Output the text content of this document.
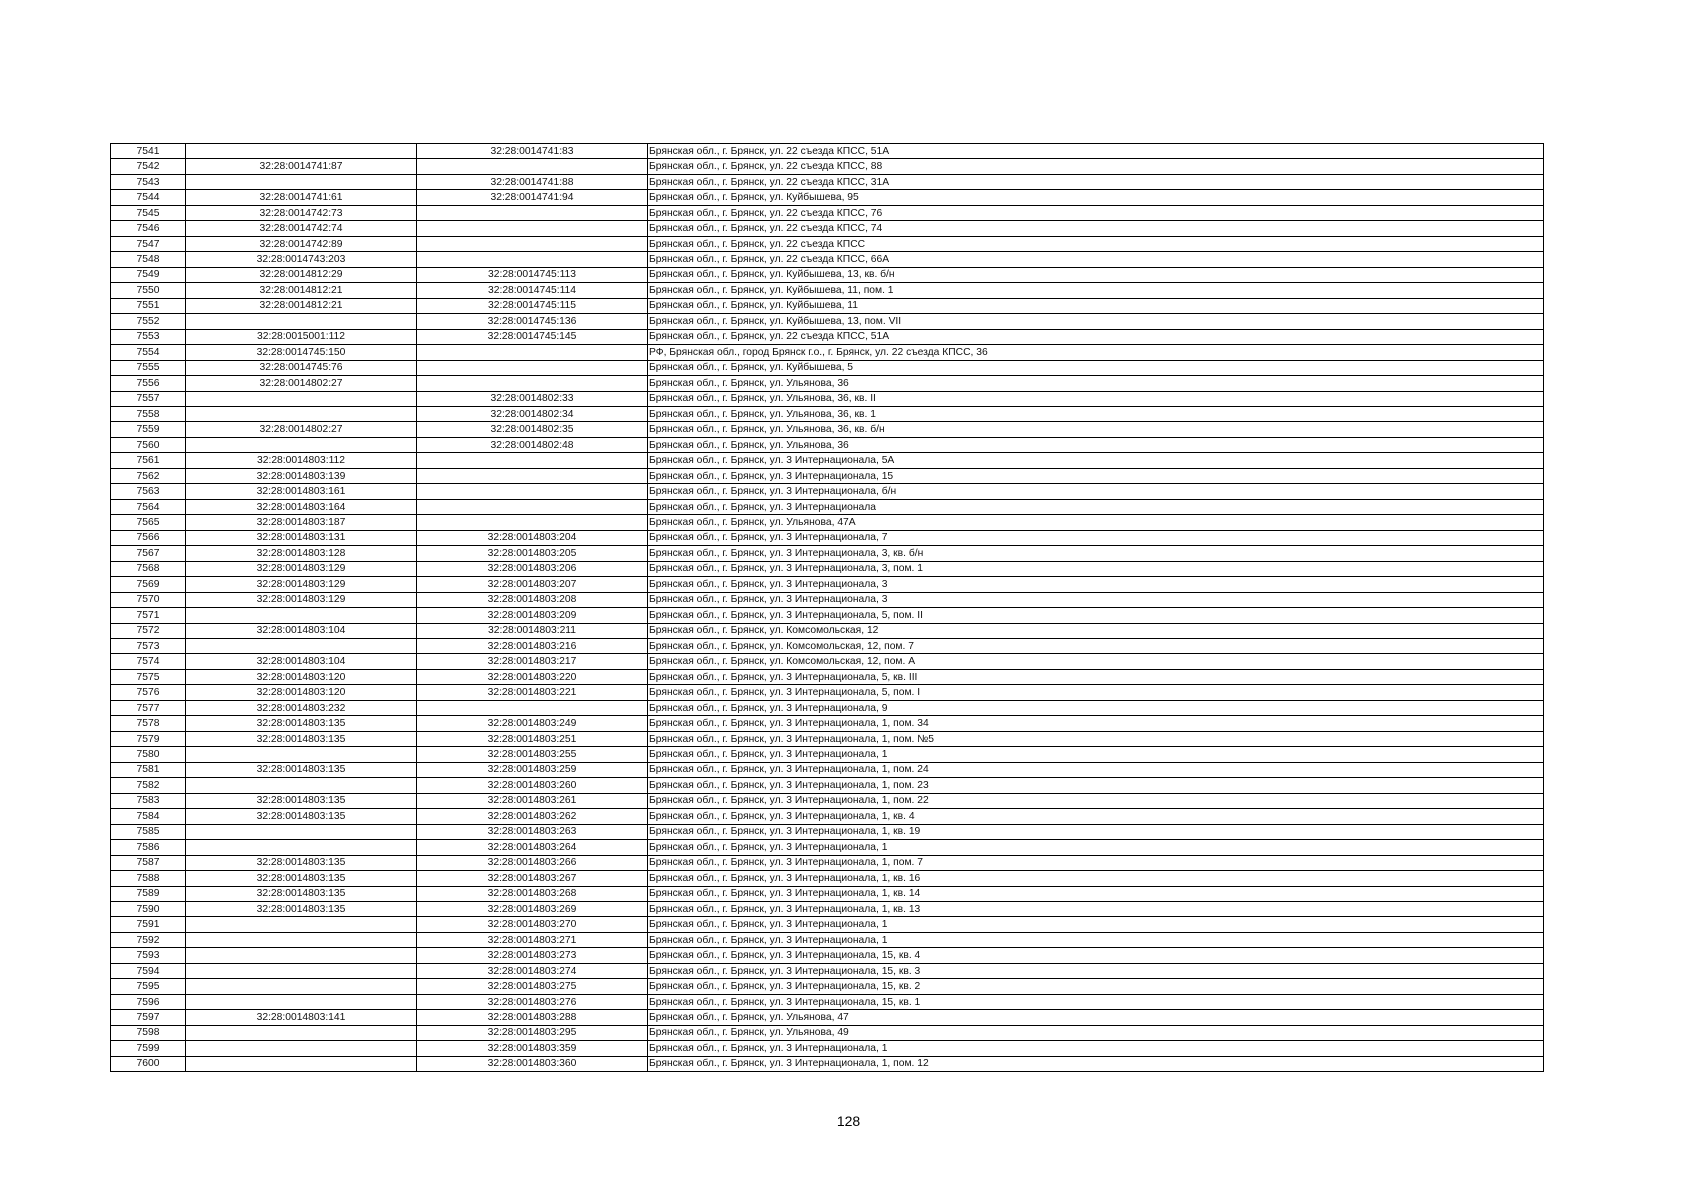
7541		32:28:0014741:83	Брянская обл., г. Брянск, ул. 22 съезда КПСС, 51А
7542	32:28:0014741:87		Брянская обл., г. Брянск, ул. 22 съезда КПСС, 88
7543		32:28:0014741:88	Брянская обл., г. Брянск, ул. 22 съезда КПСС, 31А
7544	32:28:0014741:61	32:28:0014741:94	Брянская обл., г. Брянск, ул. Куйбышева, 95
7545	32:28:0014742:73		Брянская обл., г. Брянск, ул. 22 съезда КПСС, 76
7546	32:28:0014742:74		Брянская обл., г. Брянск, ул. 22 съезда КПСС, 74
7547	32:28:0014742:89		Брянская обл., г. Брянск, ул. 22 съезда КПСС
7548	32:28:0014743:203		Брянская обл., г. Брянск, ул. 22 съезда КПСС, 66А
7549	32:28:0014812:29	32:28:0014745:113	Брянская обл., г. Брянск, ул. Куйбышева, 13, кв. б/н
7550	32:28:0014812:21	32:28:0014745:114	Брянская обл., г. Брянск, ул. Куйбышева, 11, пом. 1
7551	32:28:0014812:21	32:28:0014745:115	Брянская обл., г. Брянск, ул. Куйбышева, 11
7552		32:28:0014745:136	Брянская обл., г. Брянск, ул. Куйбышева, 13, пом. VII
7553	32:28:0015001:112	32:28:0014745:145	Брянская обл., г. Брянск, ул. 22 съезда КПСС, 51А
7554	32:28:0014745:150		РФ, Брянская обл., город Брянск г.о., г. Брянск, ул. 22 съезда КПСС, 36
7555	32:28:0014745:76		Брянская обл., г. Брянск, ул. Куйбышева, 5
7556	32:28:0014802:27		Брянская обл., г. Брянск, ул. Ульянова, 36
7557		32:28:0014802:33	Брянская обл., г. Брянск, ул. Ульянова, 36, кв. II
7558		32:28:0014802:34	Брянская обл., г. Брянск, ул. Ульянова, 36, кв. 1
7559	32:28:0014802:27	32:28:0014802:35	Брянская обл., г. Брянск, ул. Ульянова, 36, кв. б/н
7560		32:28:0014802:48	Брянская обл., г. Брянск, ул. Ульянова, 36
7561	32:28:0014803:112		Брянская обл., г. Брянск, ул. 3 Интернационала, 5А
7562	32:28:0014803:139		Брянская обл., г. Брянск, ул. 3 Интернационала, 15
7563	32:28:0014803:161		Брянская обл., г. Брянск, ул. 3 Интернационала, б/н
7564	32:28:0014803:164		Брянская обл., г. Брянск, ул. 3 Интернационала
7565	32:28:0014803:187		Брянская обл., г. Брянск, ул. Ульянова, 47А
7566	32:28:0014803:131	32:28:0014803:204	Брянская обл., г. Брянск, ул. 3 Интернационала, 7
7567	32:28:0014803:128	32:28:0014803:205	Брянская обл., г. Брянск, ул. 3 Интернационала, 3, кв. б/н
7568	32:28:0014803:129	32:28:0014803:206	Брянская обл., г. Брянск, ул. 3 Интернационала, 3, пом. 1
7569	32:28:0014803:129	32:28:0014803:207	Брянская обл., г. Брянск, ул. 3 Интернационала, 3
7570	32:28:0014803:129	32:28:0014803:208	Брянская обл., г. Брянск, ул. 3 Интернационала, 3
7571		32:28:0014803:209	Брянская обл., г. Брянск, ул. 3 Интернационала, 5, пом. II
7572	32:28:0014803:104	32:28:0014803:211	Брянская обл., г. Брянск, ул. Комсомольская, 12
7573		32:28:0014803:216	Брянская обл., г. Брянск, ул. Комсомольская, 12, пом. 7
7574	32:28:0014803:104	32:28:0014803:217	Брянская обл., г. Брянск, ул. Комсомольская, 12, пом. А
7575	32:28:0014803:120	32:28:0014803:220	Брянская обл., г. Брянск, ул. 3 Интернационала, 5, кв. III
7576	32:28:0014803:120	32:28:0014803:221	Брянская обл., г. Брянск, ул. 3 Интернационала, 5, пом. I
7577	32:28:0014803:232		Брянская обл., г. Брянск, ул. 3 Интернационала, 9
7578	32:28:0014803:135	32:28:0014803:249	Брянская обл., г. Брянск, ул. 3 Интернационала, 1, пом. 34
7579	32:28:0014803:135	32:28:0014803:251	Брянская обл., г. Брянск, ул. 3 Интернационала, 1, пом. №5
7580		32:28:0014803:255	Брянская обл., г. Брянск, ул. 3 Интернационала, 1
7581	32:28:0014803:135	32:28:0014803:259	Брянская обл., г. Брянск, ул. 3 Интернационала, 1, пом. 24
7582		32:28:0014803:260	Брянская обл., г. Брянск, ул. 3 Интернационала, 1, пом. 23
7583	32:28:0014803:135	32:28:0014803:261	Брянская обл., г. Брянск, ул. 3 Интернационала, 1, пом. 22
7584	32:28:0014803:135	32:28:0014803:262	Брянская обл., г. Брянск, ул. 3 Интернационала, 1, кв. 4
7585		32:28:0014803:263	Брянская обл., г. Брянск, ул. 3 Интернационала, 1, кв. 19
7586		32:28:0014803:264	Брянская обл., г. Брянск, ул. 3 Интернационала, 1
7587	32:28:0014803:135	32:28:0014803:266	Брянская обл., г. Брянск, ул. 3 Интернационала, 1, пом. 7
7588	32:28:0014803:135	32:28:0014803:267	Брянская обл., г. Брянск, ул. 3 Интернационала, 1, кв. 16
7589	32:28:0014803:135	32:28:0014803:268	Брянская обл., г. Брянск, ул. 3 Интернационала, 1, кв. 14
7590	32:28:0014803:135	32:28:0014803:269	Брянская обл., г. Брянск, ул. 3 Интернационала, 1, кв. 13
7591		32:28:0014803:270	Брянская обл., г. Брянск, ул. 3 Интернационала, 1
7592		32:28:0014803:271	Брянская обл., г. Брянск, ул. 3 Интернационала, 1
7593		32:28:0014803:273	Брянская обл., г. Брянск, ул. 3 Интернационала, 15, кв. 4
7594		32:28:0014803:274	Брянская обл., г. Брянск, ул. 3 Интернационала, 15, кв. 3
7595		32:28:0014803:275	Брянская обл., г. Брянск, ул. 3 Интернационала, 15, кв. 2
7596		32:28:0014803:276	Брянская обл., г. Брянск, ул. 3 Интернационала, 15, кв. 1
7597	32:28:0014803:141	32:28:0014803:288	Брянская обл., г. Брянск, ул. Ульянова, 47
7598		32:28:0014803:295	Брянская обл., г. Брянск, ул. Ульянова, 49
7599		32:28:0014803:359	Брянская обл., г. Брянск, ул. 3 Интернационала, 1
7600		32:28:0014803:360	Брянская обл., г. Брянск, ул. 3 Интернационала, 1, пом. 12
128
